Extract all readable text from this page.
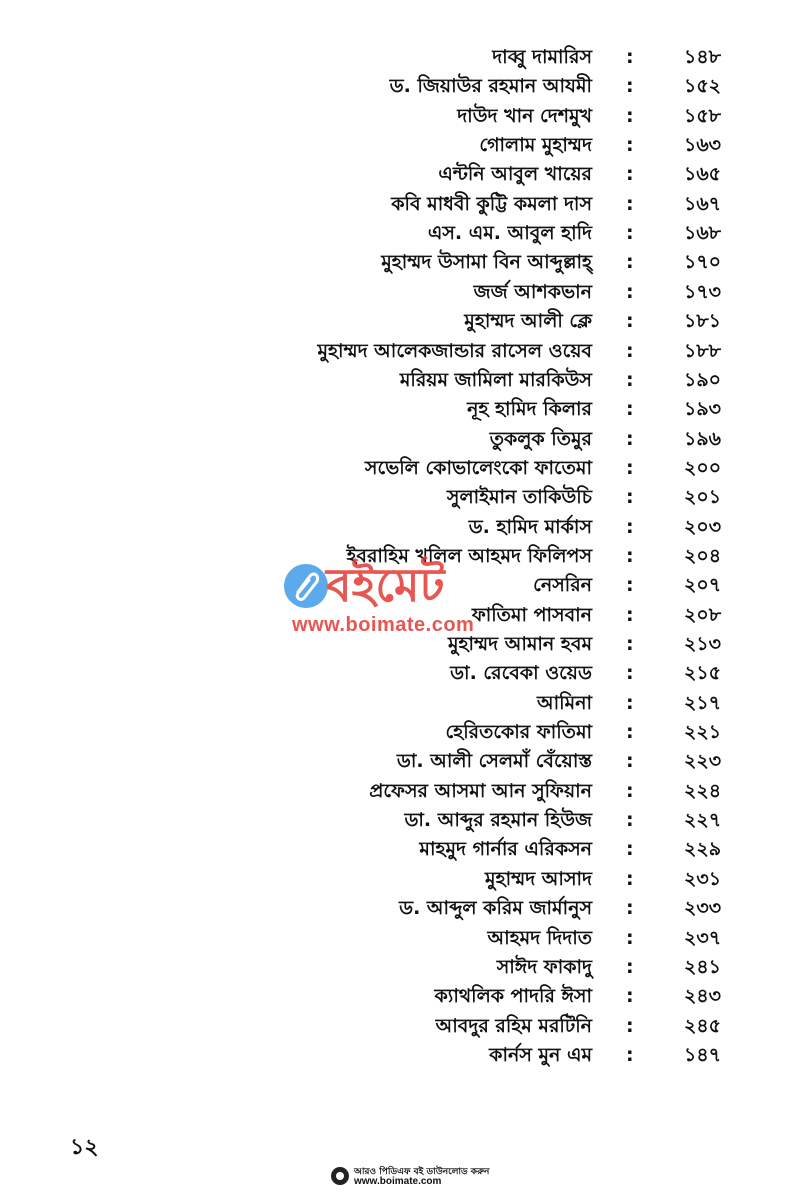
দাব্বু দামারিস :	১৪৮
ড. জিয়াউর রহমান আযমী :	১৫২
দাউদ খান দেশমুখ :	১৫৮
গোলাম মুহাম্মদ :	১৬৩
এন্টনি আবুল খায়ের :	১৬৫
কবি মাধবী কুট্টি কমলা দাস :	১৬৭
এস. এম. আবুল হাদি :	১৬৮
মুহাম্মদ উসামা বিন আব্দুল্লাহ্ :	১৭০
জর্জ আশকভান :	১৭৩
মুহাম্মদ আলী ক্লে :	১৮১
মুহাম্মদ আলেকজান্ডার রাসেল ওয়েব :	১৮৮
মরিয়ম জামিলা মারকিউস :	১৯০
নূহ হামিদ কিলার :	১৯৩
তুকলুক তিমুর :	১৯৬
সভেলি কোভালেংকো ফাতেমা :	২০০
সুলাইমান তাকিউচি :	২০১
ড. হামিদ মার্কাস :	২০৩
ইবরাহিম খলিল আহমদ ফিলিপস :	২০৪
নেসরিন :	২০৭
ফাতিমা পাসবান :	২০৮
মুহাম্মদ আমান হবম :	২১৩
ডা. রেবেকা ওয়েড :	২১৫
আমিনা :	২১৭
হেরিতকোর ফাতিমা :	২২১
ডা. আলী সেলমাঁ বেঁয়োস্ত :	২২৩
প্রফেসর আসমা আন সুফিয়ান :	২২৪
ডা. আব্দুর রহমান হিউজ :	২২৭
মাহমুদ গার্নার এরিকসন :	২২৯
মুহাম্মদ আসাদ :	২৩১
ড. আব্দুল করিম জার্মানুস :	২৩৩
আহমদ দিদাত :	২৩৭
সাঈদ ফাকাদু :	২৪১
ক্যাথলিক পাদরি ঈসা :	২৪৩
আবদুর রহিম মরটিনি :	২৪৫
কার্নস মুন এম :	১৪৭
বইমেট
www.boimate.com
১২
আরও পিডিএফ বই ডাউনলোড করুন
www.boimate.com
